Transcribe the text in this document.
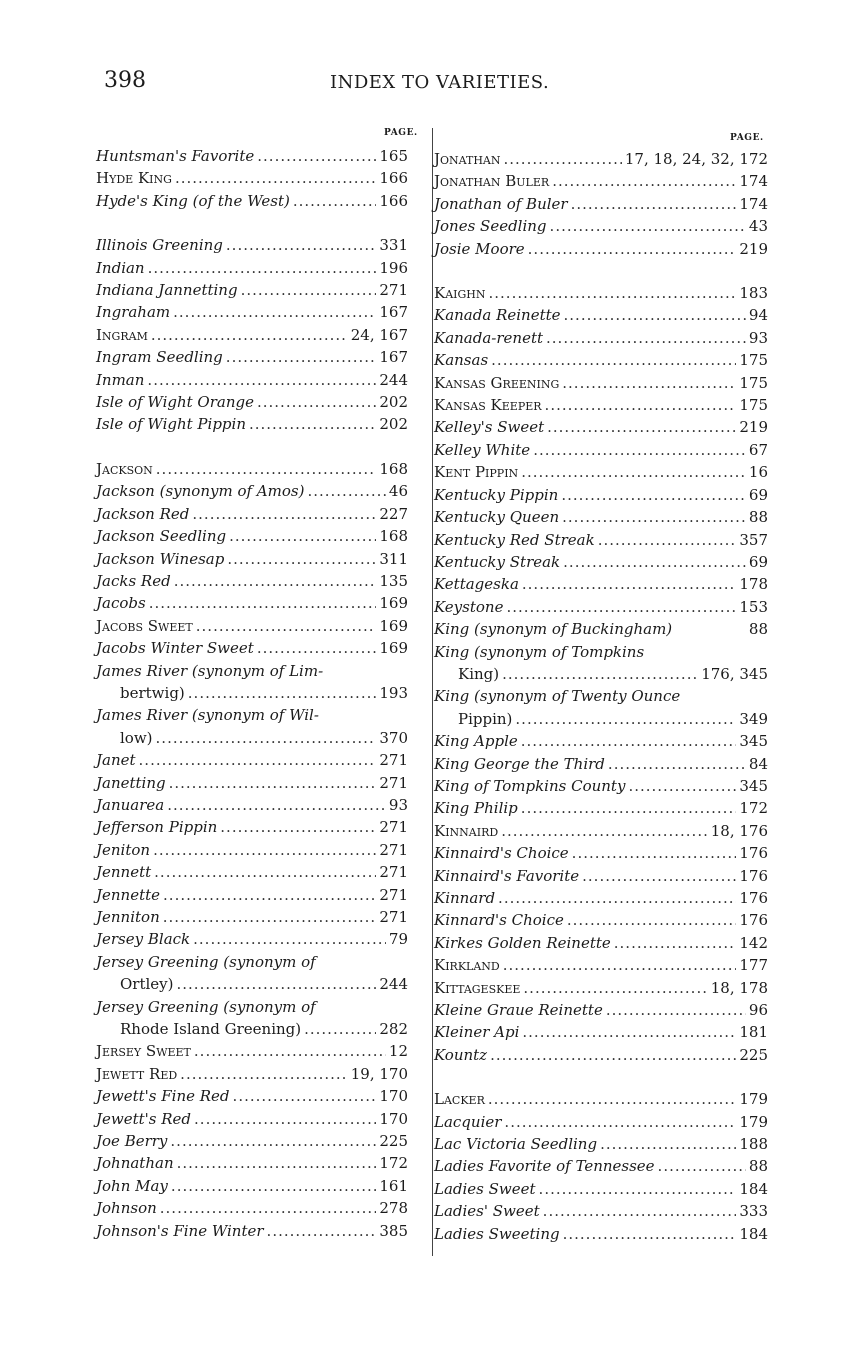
398	INDEX TO VARIETIES.
PAGE.	PAGE.
Huntsman's Favorite .....	165
Hyde King .....	166
Hyde's King (of the West) .....	166
Illinois Greening .....	331
Indian .....	196
Indiana Jannetting .....	271
Ingraham .....	167
Ingram .....	24, 167
Ingram Seedling .....	167
Inman .....	244
Isle of Wight Orange .....	202
Isle of Wight Pippin .....	202
Jackson .....	168
Jackson (synonym of Amos) .....	46
Jackson Red .....	227
Jackson Seedling .....	168
Jackson Winesap .....	311
Jacks Red .....	135
Jacobs .....	169
Jacobs Sweet .....	169
Jacobs Winter Sweet .....	169
James River (synonym of Lim-
bertwig) .....	193
James River (synonym of Wil-
low) .....	370
Janet .....	271
Janetting .....	271
Januarea .....	93
Jefferson Pippin .....	271
Jeniton .....	271
Jennett .....	271
Jennette .....	271
Jenniton .....	271
Jersey Black .....	79
Jersey Greening (synonym of
Ortley) .....	244
Jersey Greening (synonym of
Rhode Island Greening) .....	282
Jersey Sweet .....	12
Jewett Red .....	19, 170
Jewett's Fine Red .....	170
Jewett's Red .....	170
Joe Berry .....	225
Johnathan .....	172
John May .....	161
Johnson .....	278
Johnson's Fine Winter .....	385
Jonathan .....	17, 18, 24, 32, 172
Jonathan Buler .....	174
Jonathan of Buler .....	174
Jones Seedling .....	43
Josie Moore .....	219
Kaighn .....	183
Kanada Reinette .....	94
Kanada-renett .....	93
Kansas .....	175
Kansas Greening .....	175
Kansas Keeper .....	175
Kelley's Sweet .....	219
Kelley White .....	67
Kent Pippin .....	16
Kentucky Pippin .....	69
Kentucky Queen .....	88
Kentucky Red Streak .....	357
Kentucky Streak .....	69
Kettageska .....	178
Keystone .....	153
King (synonym of Buckingham)	88
King (synonym of Tompkins
King) .....	176, 345
King (synonym of Twenty Ounce
Pippin) .....	349
King Apple .....	345
King George the Third .....	84
King of Tompkins County .....	345
King Philip .....	172
Kinnaird .....	18, 176
Kinnaird's Choice .....	176
Kinnaird's Favorite .....	176
Kinnard .....	176
Kinnard's Choice .....	176
Kirkes Golden Reinette .....	142
Kirkland .....	177
Kittageskee .....	18, 178
Kleine Graue Reinette .....	96
Kleiner Api .....	181
Kountz .....	225
Lacker .....	179
Lacquier .....	179
Lac Victoria Seedling .....	188
Ladies Favorite of Tennessee .....	88
Ladies Sweet .....	184
Ladies' Sweet .....	333
Ladies Sweeting .....	184
